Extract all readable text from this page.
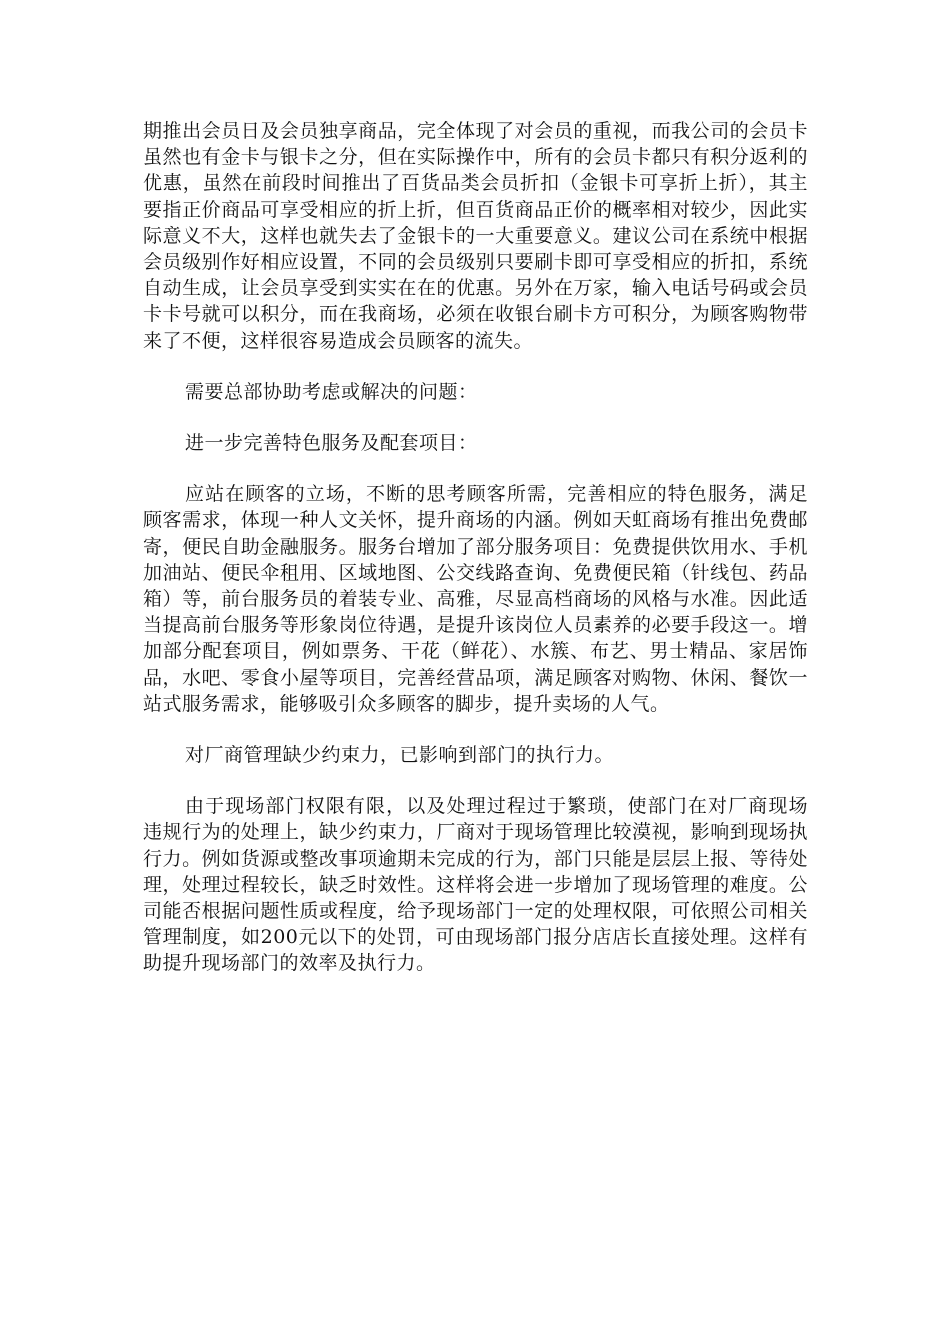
期推出会员日及会员独享商品，完全体现了对会员的重视，而我公司的会员卡虽然也有金卡与银卡之分，但在实际操作中，所有的会员卡都只有积分返利的优惠，虽然在前段时间推出了百货品类会员折扣（金银卡可享折上折），其主要指正价商品可享受相应的折上折，但百货商品正价的概率相对较少，因此实际意义不大，这样也就失去了金银卡的一大重要意义。建议公司在系统中根据会员级别作好相应设置，不同的会员级别只要刷卡即可享受相应的折扣，系统自动生成，让会员享受到实实在在的优惠。另外在万家，输入电话号码或会员卡卡号就可以积分，而在我商场，必须在收银台刷卡方可积分，为顾客购物带来了不便，这样很容易造成会员顾客的流失。

需要总部协助考虑或解决的问题：

进一步完善特色服务及配套项目：

应站在顾客的立场，不断的思考顾客所需，完善相应的特色服务，满足顾客需求，体现一种人文关怀，提升商场的内涵。例如天虹商场有推出免费邮寄，便民自助金融服务。服务台增加了部分服务项目：免费提供饮用水、手机加油站、便民伞租用、区域地图、公交线路查询、免费便民箱（针线包、药品箱）等，前台服务员的着装专业、高雅，尽显高档商场的风格与水准。因此适当提高前台服务等形象岗位待遇，是提升该岗位人员素养的必要手段这一。增加部分配套项目，例如票务、干花（鲜花）、水簇、布艺、男士精品、家居饰品，水吧、零食小屋等项目，完善经营品项，满足顾客对购物、休闲、餐饮一站式服务需求，能够吸引众多顾客的脚步，提升卖场的人气。

对厂商管理缺少约束力，已影响到部门的执行力。

由于现场部门权限有限，以及处理过程过于繁琐，使部门在对厂商现场违规行为的处理上，缺少约束力，厂商对于现场管理比较漠视，影响到现场执行力。例如货源或整改事项逾期未完成的行为，部门只能是层层上报、等待处理，处理过程较长，缺乏时效性。这样将会进一步增加了现场管理的难度。公司能否根据问题性质或程度，给予现场部门一定的处理权限，可依照公司相关管理制度，如200元以下的处罚，可由现场部门报分店店长直接处理。这样有助提升现场部门的效率及执行力。
